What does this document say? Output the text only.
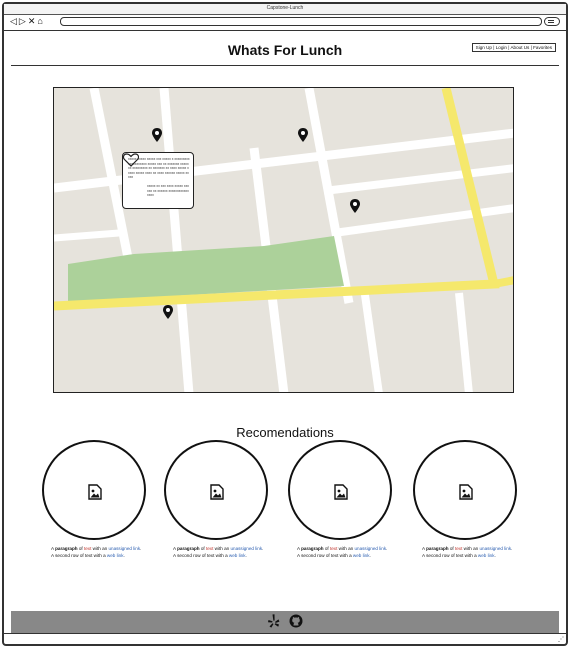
Capstone-Lunch
◁▷✕⌂
Whats For Lunch	Sign Up | Login | About Us | Favorites
xxxxx xxxxx xxxxx xxx xxxxx x xxxxxxxxx xxxxxxxxxxx xxxxx xxx xx xxxxxxx xxxxxxx xxxxxxxxx xx xxxxxxx xx xxxx xxxxx xxxxx xxxxx xxxx xx xxxx xxxxxx xxxxx xxxxx
xxxxx xx xxx xxxx xxxxx xxx xxx xx xxxxxx xxxxxxxxxxxx xxxx
Recomendations
A paragraph of text with an unassigned link.
A second row of text with a web link.
A paragraph of text with an unassigned link.
A second row of text with a web link.
A paragraph of text with an unassigned link.
A second row of text with a web link.
A paragraph of text with an unassigned link.
A second row of text with a web link.

⋰
